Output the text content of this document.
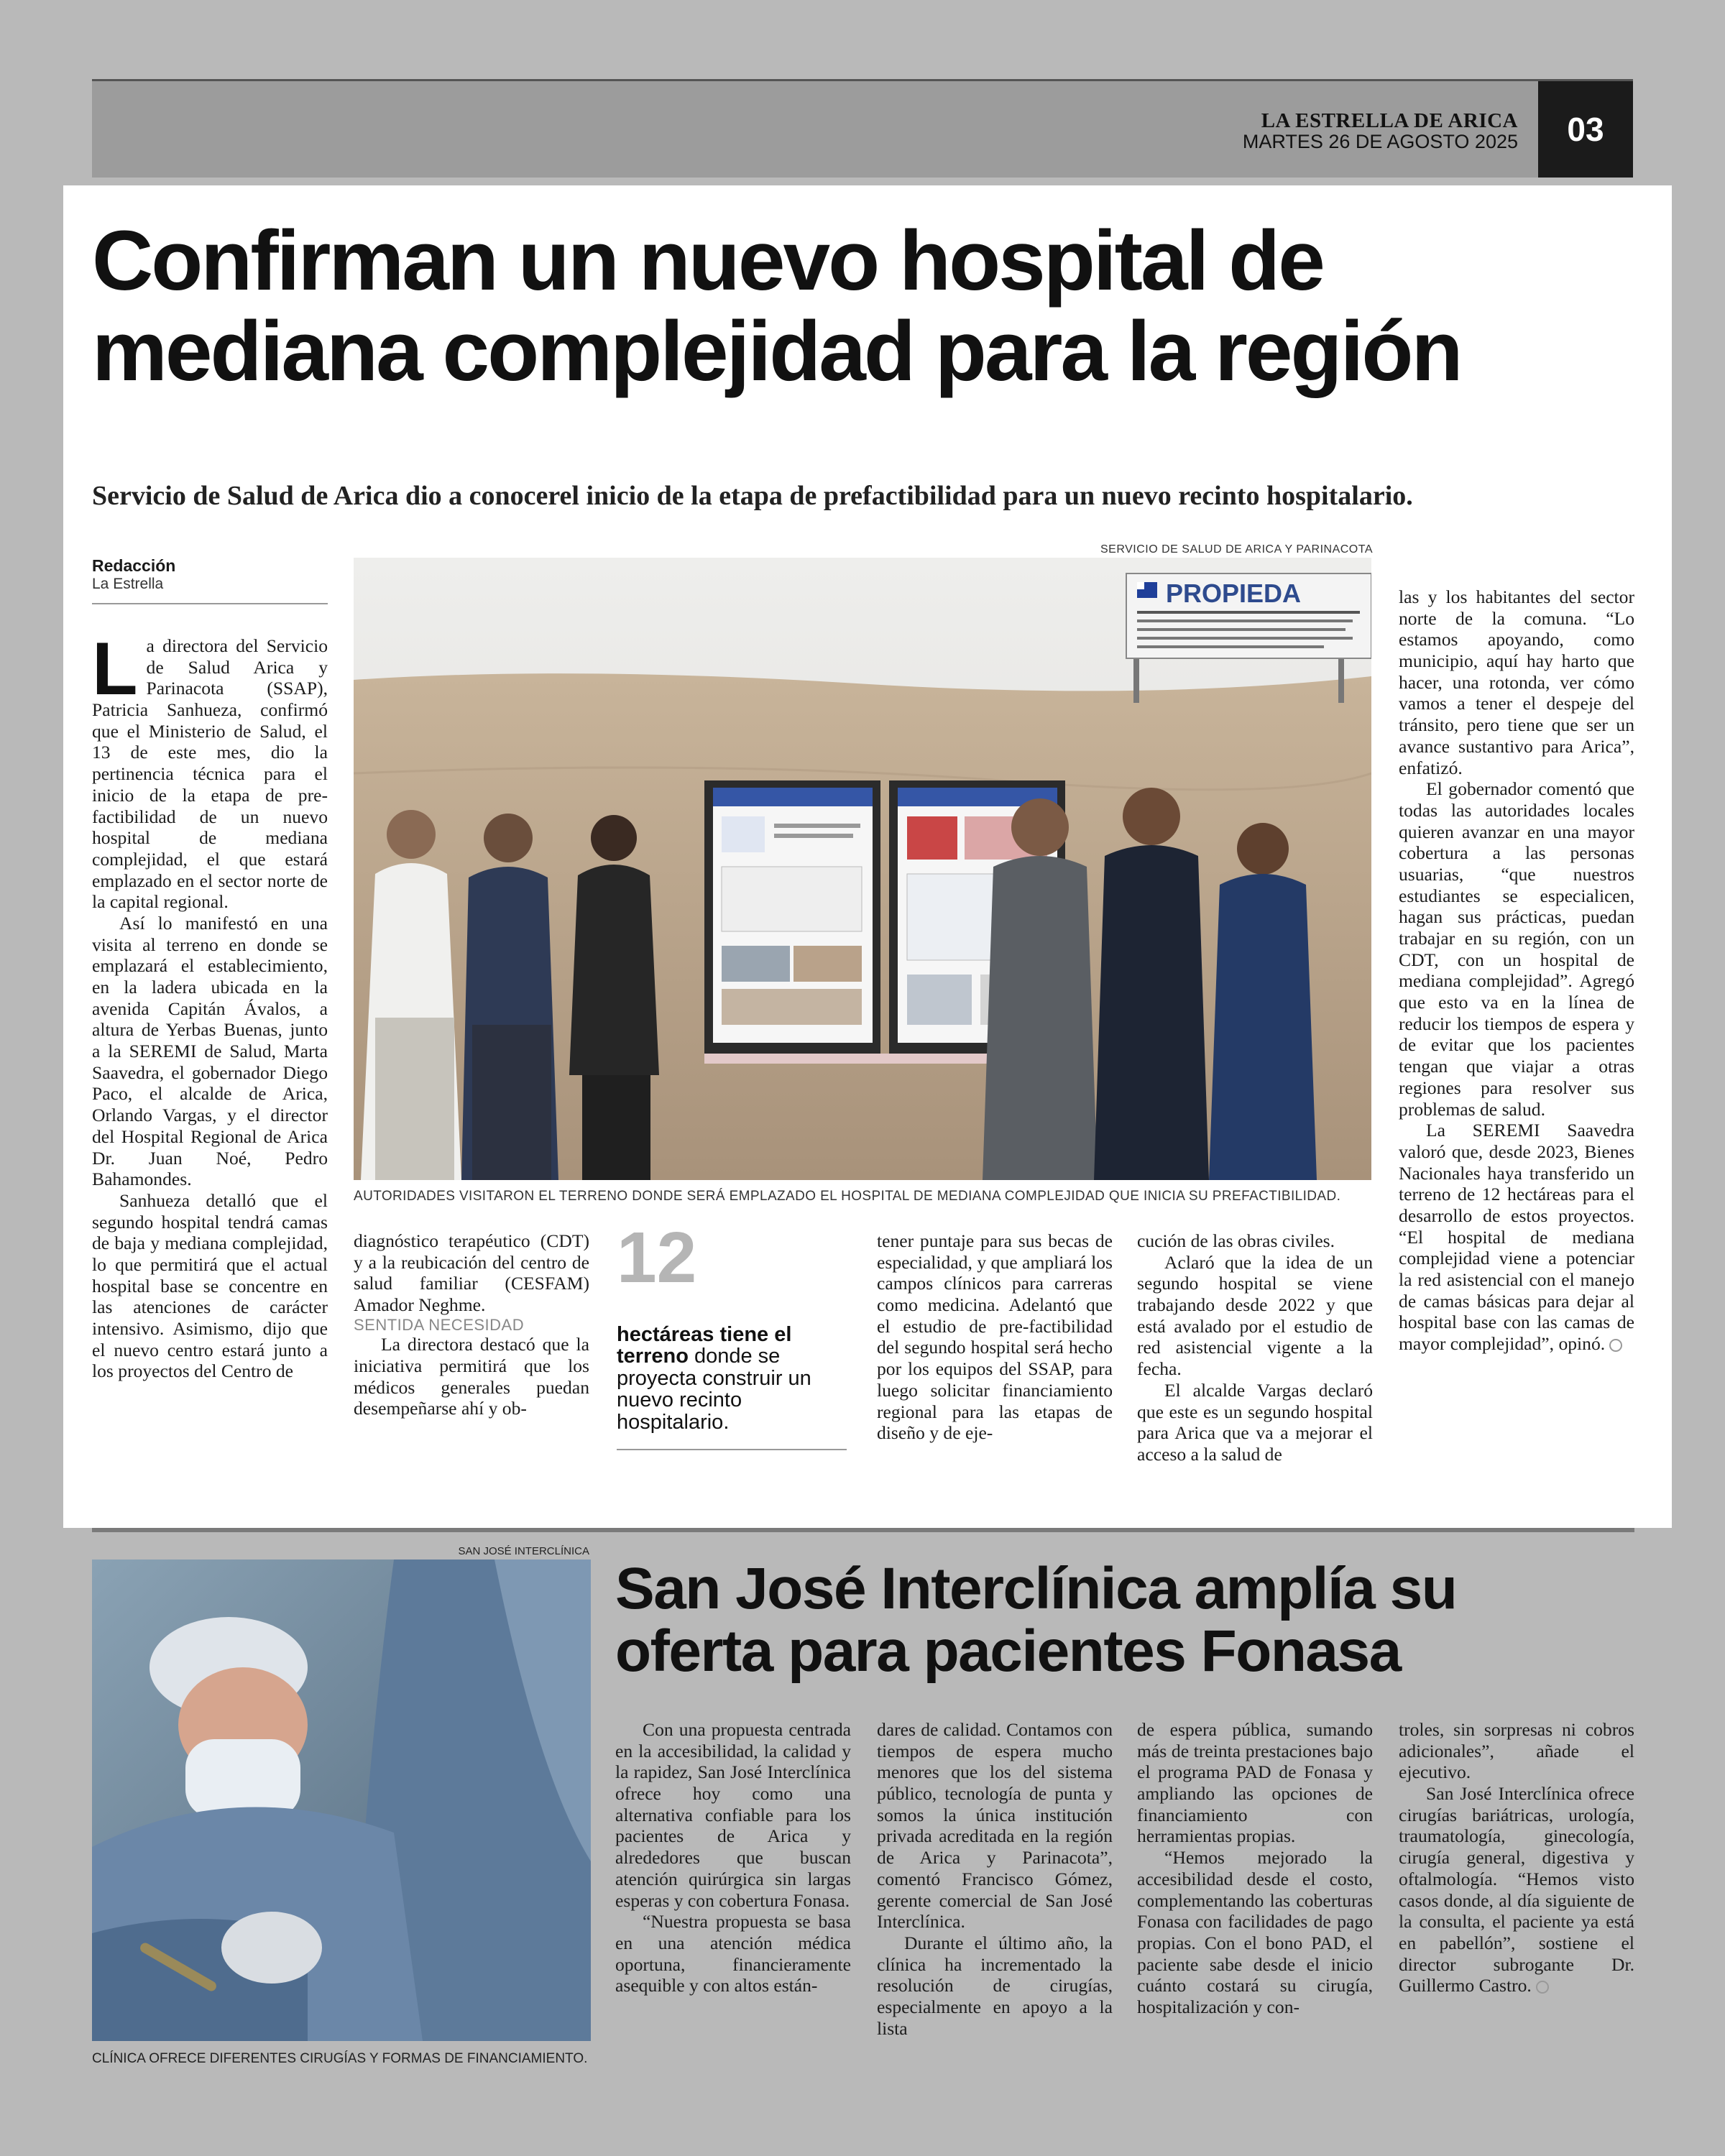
LA ESTRELLA DE ARICA
MARTES 26 DE AGOSTO 2025	03
Confirman un nuevo hospital de
mediana complejidad para la región

Servicio de Salud de Arica dio a conocerel inicio de la etapa de prefactibilidad para un nuevo recinto hospitalario.

Redacción
La Estrella

La directora del Servicio de Salud Arica y Parinacota (SSAP), Patricia Sanhueza, confirmó que el Ministerio de Salud, el 13 de este mes, dio la pertinencia técnica para el inicio de la etapa de pre-factibilidad de un nuevo hospital de mediana complejidad, el que estará emplazado en el sector norte de la capital regional.

Así lo manifestó en una visita al terreno en donde se emplazará el establecimiento, en la ladera ubicada en la avenida Capitán Ávalos, a altura de Yerbas Buenas, junto a la SEREMI de Salud, Marta Saavedra, el gobernador Diego Paco, el alcalde de Arica, Orlando Vargas, y el director del Hospital Regional de Arica Dr. Juan Noé, Pedro Bahamondes.

Sanhueza detalló que el segundo hospital tendrá camas de baja y mediana complejidad, lo que permitirá que el actual hospital base se concentre en las atenciones de carácter intensivo. Asimismo, dijo que el nuevo centro estará junto a los proyectos del Centro de

SERVICIO DE SALUD DE ARICA Y PARINACOTA
PROPIEDA
AUTORIDADES VISITARON EL TERRENO DONDE SERÁ EMPLAZADO EL HOSPITAL DE MEDIANA COMPLEJIDAD QUE INICIA SU PREFACTIBILIDAD.

diagnóstico terapéutico (CDT) y a la reubicación del centro de salud familiar (CESFAM) Amador Neghme.

SENTIDA NECESIDAD

La directora destacó que la iniciativa permitirá que los médicos generales puedan desempeñarse ahí y ob-

12
hectáreas tiene el terreno donde se proyecta construir un nuevo recinto hospitalario.

tener puntaje para sus becas de especialidad, y que ampliará los campos clínicos para carreras como medicina. Adelantó que el estudio de pre-factibilidad del segundo hospital será hecho por los equipos del SSAP, para luego solicitar financiamiento regional para las etapas de diseño y de eje-

cución de las obras civiles.

Aclaró que la idea de un segundo hospital se viene trabajando desde 2022 y que está avalado por el estudio de red asistencial vigente a la fecha.

El alcalde Vargas declaró que este es un segundo hospital para Arica que va a mejorar el acceso a la salud de

las y los habitantes del sector norte de la comuna. “Lo estamos apoyando, como municipio, aquí hay harto que hacer, una rotonda, ver cómo vamos a tener el despeje del tránsito, pero tiene que ser un avance sustantivo para Arica”, enfatizó.

El gobernador comentó que todas las autoridades locales quieren avanzar en una mayor cobertura a las personas usuarias, “que nuestros estudiantes se especialicen, hagan sus prácticas, puedan trabajar en su región, con un CDT, con un hospital de mediana complejidad”. Agregó que esto va en la línea de reducir los tiempos de espera y de evitar que los pacientes tengan que viajar a otras regiones para resolver sus problemas de salud.

La SEREMI Saavedra valoró que, desde 2023, Bienes Nacionales haya transferido un terreno de 12 hectáreas para el desarrollo de estos proyectos. “El hospital de mediana complejidad viene a potenciar la red asistencial con el manejo de camas básicas para dejar al hospital base con las camas de mayor complejidad”, opinó.

SAN JOSÉ INTERCLÍNICA
CLÍNICA OFRECE DIFERENTES CIRUGÍAS Y FORMAS DE FINANCIAMIENTO.
San José Interclínica amplía su
oferta para pacientes Fonasa

Con una propuesta centrada en la accesibilidad, la calidad y la rapidez, San José Interclínica ofrece hoy como una alternativa confiable para los pacientes de Arica y alrededores que buscan atención quirúrgica sin largas esperas y con cobertura Fonasa.

“Nuestra propuesta se basa en una atención médica oportuna, financieramente asequible y con altos están-

dares de calidad. Contamos con tiempos de espera mucho menores que los del sistema público, tecnología de punta y somos la única institución privada acreditada en la región de Arica y Parinacota”, comentó Francisco Gómez, gerente comercial de San José Interclínica.

Durante el último año, la clínica ha incrementado la resolución de cirugías, especialmente en apoyo a la lista

de espera pública, sumando más de treinta prestaciones bajo el programa PAD de Fonasa y ampliando las opciones de financiamiento con herramientas propias.

“Hemos mejorado la accesibilidad desde el costo, complementando las coberturas Fonasa con facilidades de pago propias. Con el bono PAD, el paciente sabe desde el inicio cuánto costará su cirugía, hospitalización y con-

troles, sin sorpresas ni cobros adicionales”, añade el ejecutivo.

San José Interclínica ofrece cirugías bariátricas, urología, traumatología, ginecología, cirugía general, digestiva y oftalmología. “Hemos visto casos donde, al día siguiente de la consulta, el paciente ya está en pabellón”, sostiene el director subrogante Dr. Guillermo Castro.
